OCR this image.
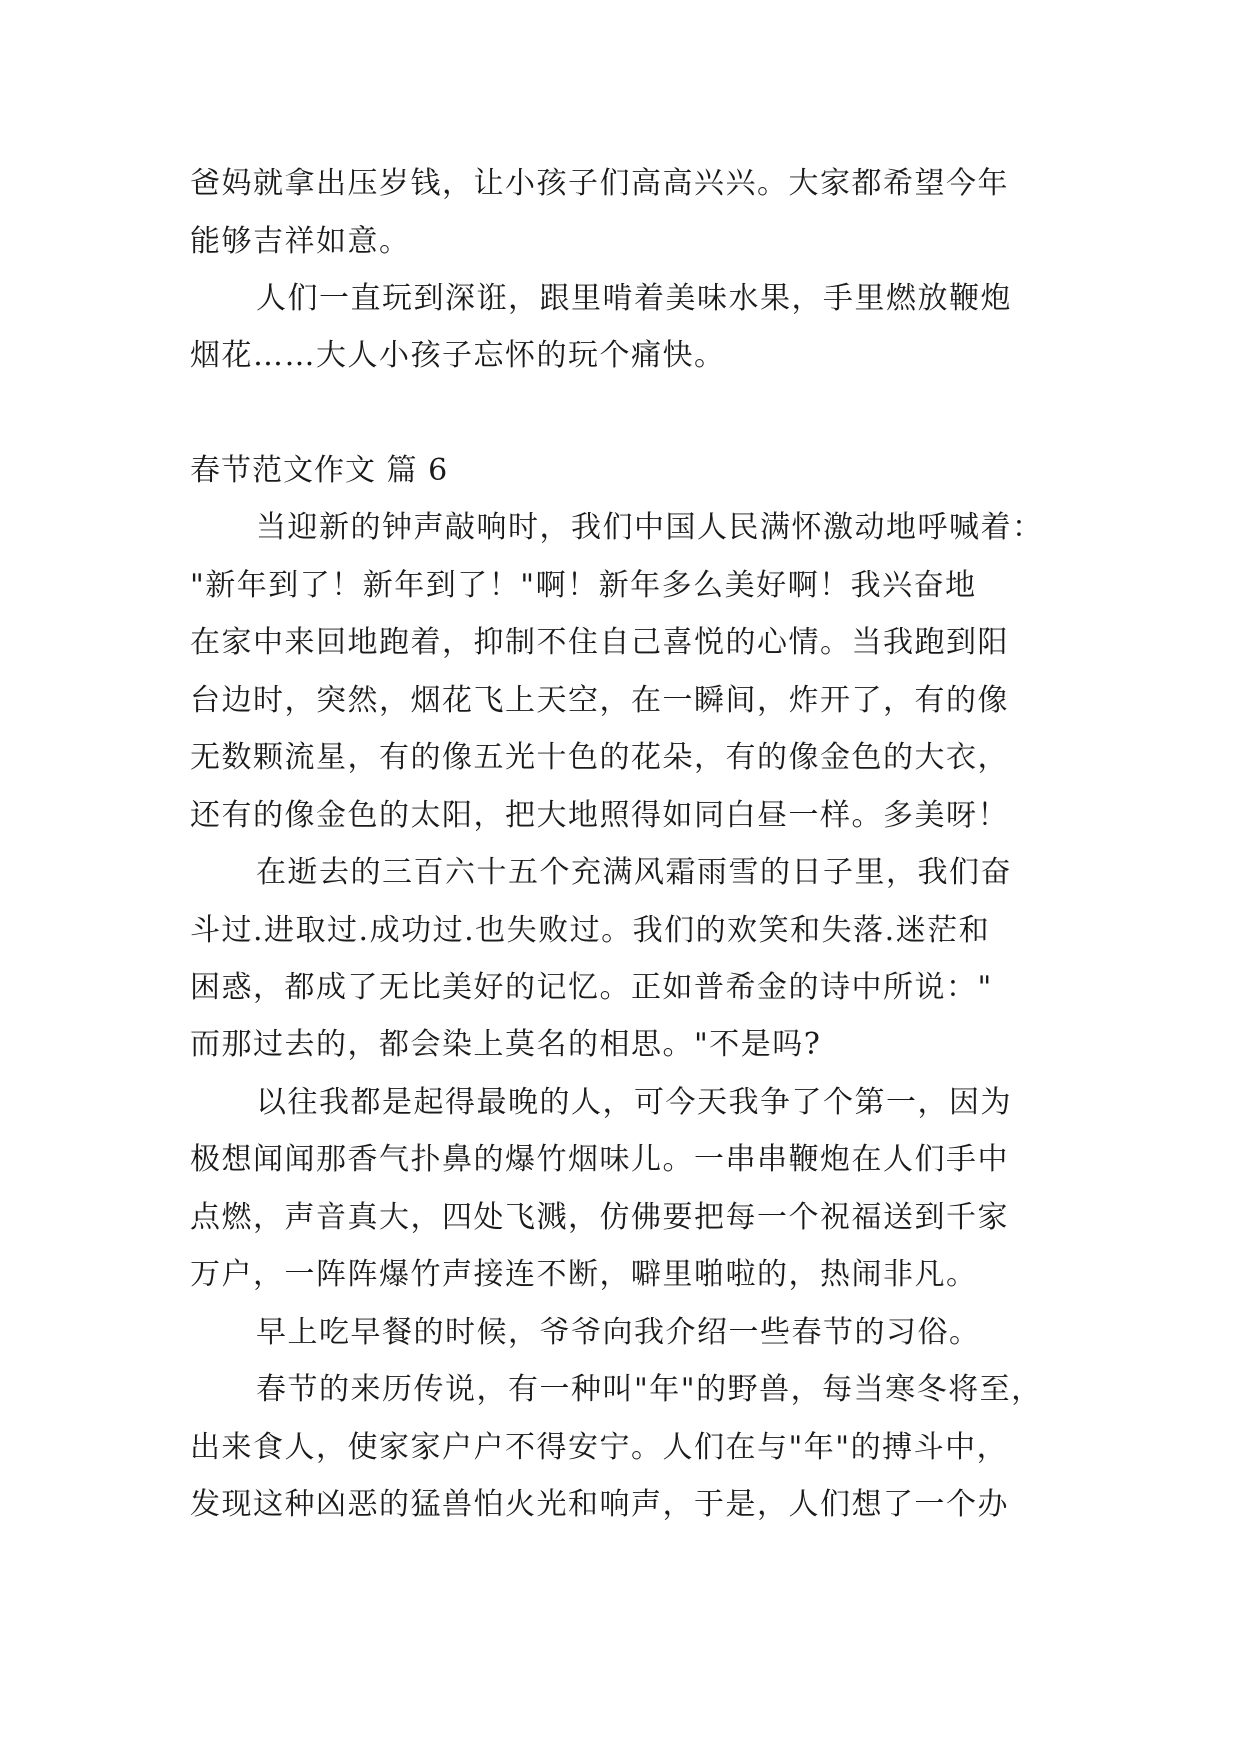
爸妈就拿出压岁钱，让小孩子们高高兴兴。大家都希望今年
能够吉祥如意。
人们一直玩到深诳，跟里啃着美味水果，手里燃放鞭炮
烟花……大人小孩子忘怀的玩个痛快。
春节范文作文 篇 6
当迎新的钟声敲响时，我们中国人民满怀激动地呼喊着：
"新年到了！新年到了！"啊！新年多么美好啊！我兴奋地
在家中来回地跑着，抑制不住自己喜悦的心情。当我跑到阳
台边时，突然，烟花飞上天空，在一瞬间，炸开了，有的像
无数颗流星，有的像五光十色的花朵，有的像金色的大衣，
还有的像金色的太阳，把大地照得如同白昼一样。多美呀！
在逝去的三百六十五个充满风霜雨雪的日子里，我们奋
斗过.进取过.成功过.也失败过。我们的欢笑和失落.迷茫和
困惑，都成了无比美好的记忆。正如普希金的诗中所说："
而那过去的，都会染上莫名的相思。"不是吗?
以往我都是起得最晚的人，可今天我争了个第一，因为
极想闻闻那香气扑鼻的爆竹烟味儿。一串串鞭炮在人们手中
点燃，声音真大，四处飞溅，仿佛要把每一个祝福送到千家
万户，一阵阵爆竹声接连不断，噼里啪啦的，热闹非凡。
早上吃早餐的时候，爷爷向我介绍一些春节的习俗。
春节的来历传说，有一种叫"年"的野兽，每当寒冬将至，
出来食人，使家家户户不得安宁。人们在与"年"的搏斗中，
发现这种凶恶的猛兽怕火光和响声，于是，人们想了一个办
